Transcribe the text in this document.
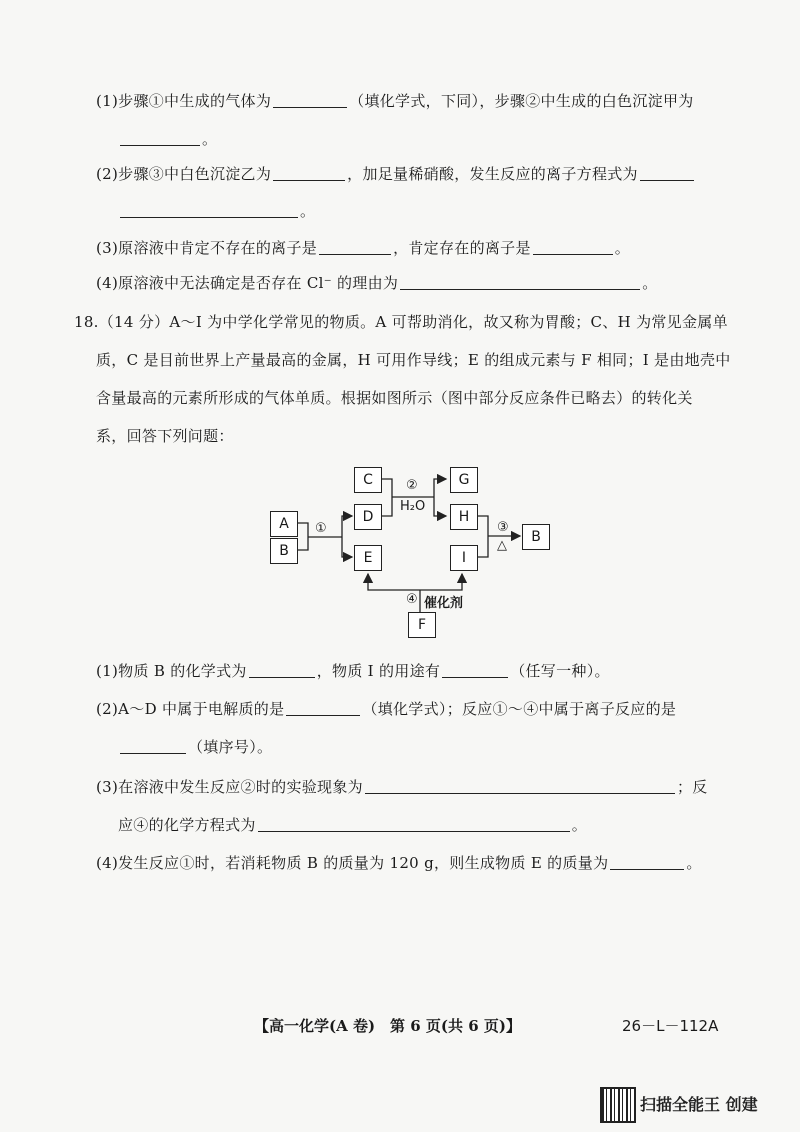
(1)步骤①中生成的气体为	（填化学式，下同），步骤②中生成的白色沉淀甲为
。
(2)步骤③中白色沉淀乙为	，加足量稀硝酸，发生反应的离子方程式为
。
(3)原溶液中肯定不存在的离子是	，肯定存在的离子是	。
(4)原溶液中无法确定是否存在 Cl⁻ 的理由为	。
18.（14 分）A～I 为中学化学常见的物质。A 可帮助消化，故又称为胃酸；C、H 为常见金属单
质，C 是目前世界上产量最高的金属，H 可用作导线；E 的组成元素与 F 相同；I 是由地壳中
含量最高的元素所形成的气体单质。根据如图所示（图中部分反应条件已略去）的转化关
系，回答下列问题：
A
B
C
D
E
G
H
I
B
F
①
②
H₂O
③
△
④ 催化剂
(1)物质 B 的化学式为	，物质 I 的用途有	（任写一种）。
(2)A～D 中属于电解质的是	（填化学式）；反应①～④中属于离子反应的是
（填序号）。
(3)在溶液中发生反应②时的实验现象为	；反
应④的化学方程式为	。
(4)发生反应①时，若消耗物质 B 的质量为 120 g，则生成物质 E 的质量为	。
【高一化学(A 卷)　第 6 页(共 6 页)】	26－L－112A
扫描全能王 创建
